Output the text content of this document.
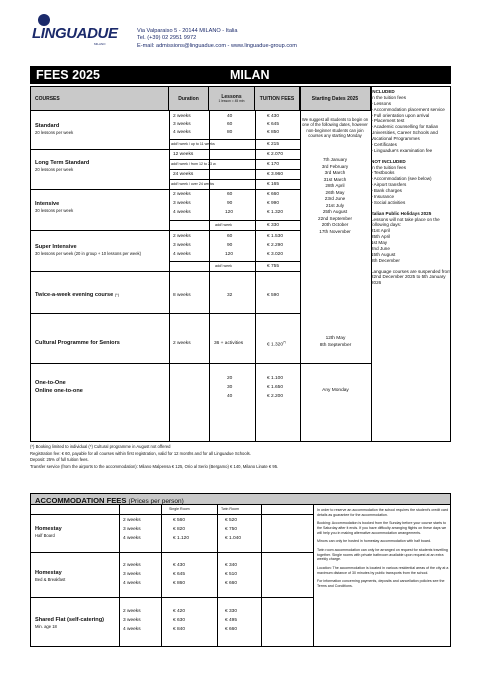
LINGUADUE
MILANO
Via Valparaiso 5 - 20144 MILANO - Italia
Tel. (+39) 02 2951 9972
E-mail: admissions@linguadue.com - www.linguadue-group.com
FEES 2025	MILAN
COURSES	Duration	Lessons
1 lesson = 45 min	TUITION FEES	Starting Dates 2025
Standard
20 lessons per week
2 weeks	40	€ 430
3 weeks	60	€ 645
4 weeks	80	€ 850
add'l week / up to 11 weeks	€ 215
Long Term Standard
20 lessons per week
12 weeks	€ 2.070
add'l week / from 12 to 23 w.	€ 170
24 weeks	€ 3.960
add'l week / over 24 weeks	€ 165
Intensive
30 lessons per week
2 weeks	60	€ 660
3 weeks	90	€ 990
4 weeks	120	€ 1.320
add'l week	€ 330
Super Intensive
30 lessons per week (20 in group + 10 lessons per week)
2 weeks	60	€ 1.530
3 weeks	90	€ 2.290
4 weeks	120	€ 3.020
add'l week	€ 755
Twice-a-week evening course (*)	8 weeks	32	€ 590
Cultural Programme for Seniors	2 weeks	36 + activities	€ 1.320(*)
12th May
8th September
One-to-One
Online one-to-one
20	€ 1.100
30	€ 1.650
40	€ 2.200
Any Monday
We suggest all students to begin on one of the following dates, however non-beginner students can join courses any starting Monday
7th January
3rd February
3rd March
31st March
28th April
26th May
23rd June
21st July
25th August
22nd September
20th October
17th November
INCLUDED
In the tuition fees
• Lessons
• Accommodation placement service
• Full orientation upon arrival
• Placement test
• Academic counselling for Italian Universities, Career Schools and Vocational Programmes
• Certificates
• Linguadue's examination fee
NOT INCLUDED
In the tuition fees
• Textbooks
• Accommodation (see below)
• Airport transfers
• Bank charges
• Insurance
• Social activities
Italian Public Holidays 2025
Lessons will not take place on the following days:
21st April
25th April
1st May
2nd June
15th August
8th December
Language courses are suspended from 22nd December 2025 to 5th January 2026
(*) Booking limited to individual (*) Cultural programme in August not offered
Registration fee: € 60, payable for all courses within first registration, valid for 12 months and for all Linguadue Schools.
Deposit: 25% of full tuition fees.
Transfer service (from the airports to the accommodation): Milano Malpensa € 125, Orio al Serio (Bergamo) € 140, Milano Linate € 95.
ACCOMMODATION FEES (Prices per person)
Single Room	Twin Room
Homestay
Half Board
2 weeks	€ 560	€ 520
3 weeks	€ 820	€ 750
4 weeks	€ 1.120	€ 1.040
Homestay
Bed & Breakfast
2 weeks	€ 430	€ 340
3 weeks	€ 645	€ 510
4 weeks	€ 860	€ 660
Shared Flat (self-catering)
Min. age 18
2 weeks	€ 420	€ 330
3 weeks	€ 630	€ 495
4 weeks	€ 840	€ 660

In order to reserve an accommodation the school requires the student's credit card details as guarantee for the accommodation.

Booking: Accommodation is booked from the Sunday before your course starts to the Saturday after it ends. If you have difficulty arranging flights on these days we will help you in making alternative accommodation arrangements.

Minors can only be hosted in homestay accommodation with half board.

Twin room accommodation can only be arranged on request for students travelling together. Single rooms with private bathroom available upon request at an extra weekly charge.

Location: The accommodation is located in various residential areas of the city at a maximum distance of 30 minutes by public transports from the school.

For information concerning payments, deposits and cancellation policies see the Terms and Conditions.
